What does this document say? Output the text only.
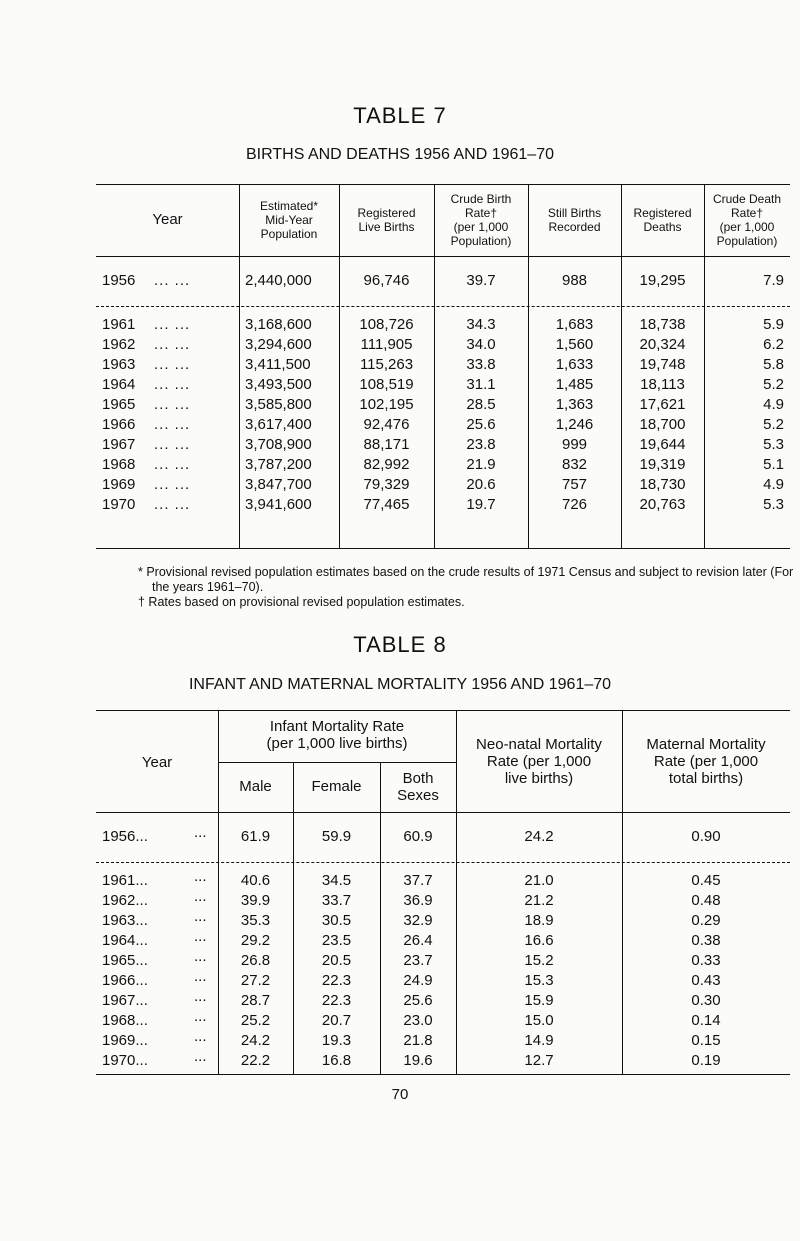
TABLE 7
BIRTHS AND DEATHS 1956 AND 1961–70
Year
Estimated*
Mid-Year
Population
Registered
Live Births
Crude Birth
Rate†
(per 1,000
Population)
Still Births
Recorded
Registered
Deaths
Crude Death
Rate†
(per 1,000
Population)
1956 ... ...	2,440,000	96,746	39.7	988	19,295	7.9
1961 ... ...	3,168,600	108,726	34.3	1,683	18,738	5.9
1962 ... ...	3,294,600	111,905	34.0	1,560	20,324	6.2
1963 ... ...	3,411,500	115,263	33.8	1,633	19,748	5.8
1964 ... ...	3,493,500	108,519	31.1	1,485	18,113	5.2
1965 ... ...	3,585,800	102,195	28.5	1,363	17,621	4.9
1966 ... ...	3,617,400	92,476	25.6	1,246	18,700	5.2
1967 ... ...	3,708,900	88,171	23.8	999	19,644	5.3
1968 ... ...	3,787,200	82,992	21.9	832	19,319	5.1
1969 ... ...	3,847,700	79,329	20.6	757	18,730	4.9
1970 ... ...	3,941,600	77,465	19.7	726	20,763	5.3
* Provisional revised population estimates based on the crude results of 1971 Census and subject to revision later (For the years 1961–70).
† Rates based on provisional revised population estimates.
TABLE 8
INFANT AND MATERNAL MORTALITY 1956 AND 1961–70
Year
Infant Mortality Rate
(per 1,000 live births)
Male	Female	Both
Sexes
Neo-natal Mortality
Rate (per 1,000
live births)
Maternal Mortality
Rate (per 1,000
total births)
1956...	...	61.9	59.9	60.9	24.2	0.90
1961...	...	40.6	34.5	37.7	21.0	0.45
1962...	...	39.9	33.7	36.9	21.2	0.48
1963...	...	35.3	30.5	32.9	18.9	0.29
1964...	...	29.2	23.5	26.4	16.6	0.38
1965...	...	26.8	20.5	23.7	15.2	0.33
1966...	...	27.2	22.3	24.9	15.3	0.43
1967...	...	28.7	22.3	25.6	15.9	0.30
1968...	...	25.2	20.7	23.0	15.0	0.14
1969...	...	24.2	19.3	21.8	14.9	0.15
1970...	...	22.2	16.8	19.6	12.7	0.19
70
